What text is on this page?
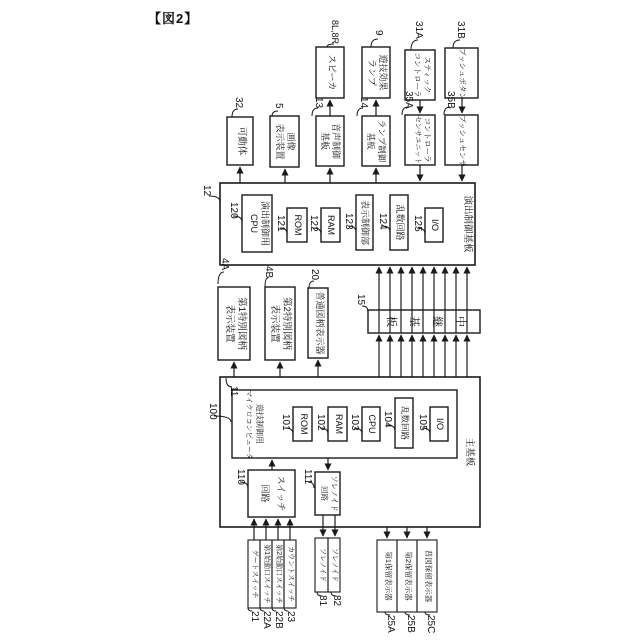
【図2】
スピーカ	遊技効果
ランプ	スティック
コントローラ	プッシュボタン
可動体	画像
表示装置	音声制御
基板	ランプ制御
基板	コントローラ
センサユニット	プッシュセンサ
演出制御基板
I/O
乱数回路
表示制御部
RAM
ROM
演出制御用
CPU
第1特別図柄
表示装置	第2特別図柄
表示装置	普通図柄表示器	中継基板
主基板
I/O
乱数回路
CPU
RAM
ROM
遊技制御用
マイクロコンピュータ
スイッチ
回路	ソレノイド
回路
カウントスイッチ
第2始動口スイッチ
第1始動口スイッチ
ゲートスイッチ	ソレノイド
ソレノイド	普図保留表示器
第2保留表示器
第1保留表示器
8L,8R	9	31A	31B
32	5	13	14	35A	35B
12
125
124
123
122
121
120
4A
4B	20
15
11
100
105
104
103
102
101
110	111
23
22B
22A
21
82
81
25C
25B
25A
